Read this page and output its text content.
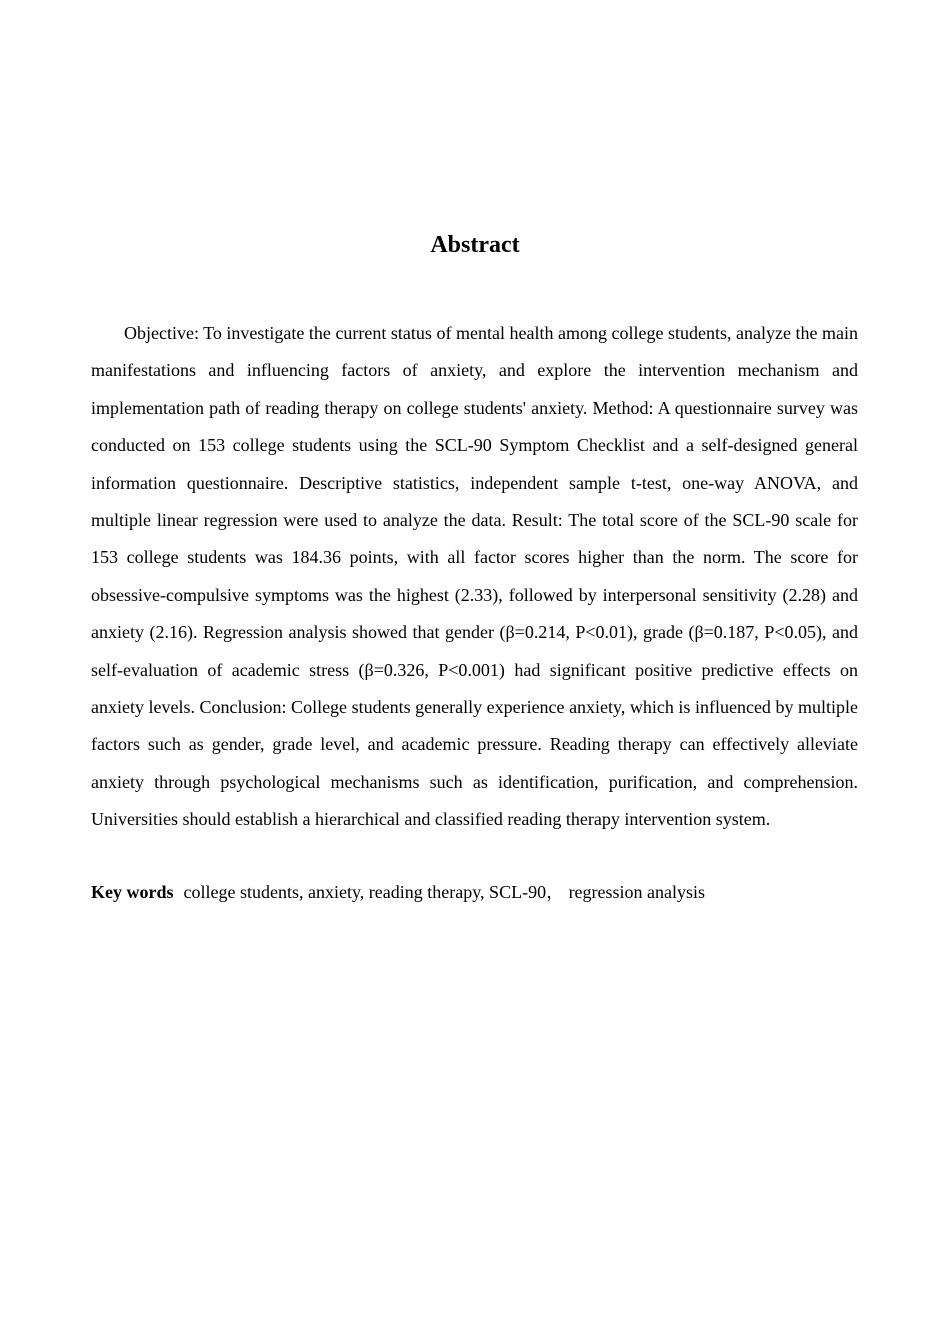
Abstract

Objective: To investigate the current status of mental health among college students, analyze the main manifestations and influencing factors of anxiety, and explore the intervention mechanism and implementation path of reading therapy on college students' anxiety. Method: A questionnaire survey was conducted on 153 college students using the SCL-90 Symptom Checklist and a self-designed general information questionnaire. Descriptive statistics, independent sample t-test, one-way ANOVA, and multiple linear regression were used to analyze the data. Result: The total score of the SCL-90 scale for 153 college students was 184.36 points, with all factor scores higher than the norm. The score for obsessive-compulsive symptoms was the highest (2.33), followed by interpersonal sensitivity (2.28) and anxiety (2.16). Regression analysis showed that gender (β=0.214, P<0.01), grade (β=0.187, P<0.05), and self-evaluation of academic stress (β=0.326, P<0.001) had significant positive predictive effects on anxiety levels. Conclusion: College students generally experience anxiety, which is influenced by multiple factors such as gender, grade level, and academic pressure. Reading therapy can effectively alleviate anxiety through psychological mechanisms such as identification, purification, and comprehension. Universities should establish a hierarchical and classified reading therapy intervention system.

Key words college students, anxiety, reading therapy, SCL-90， regression analysis
